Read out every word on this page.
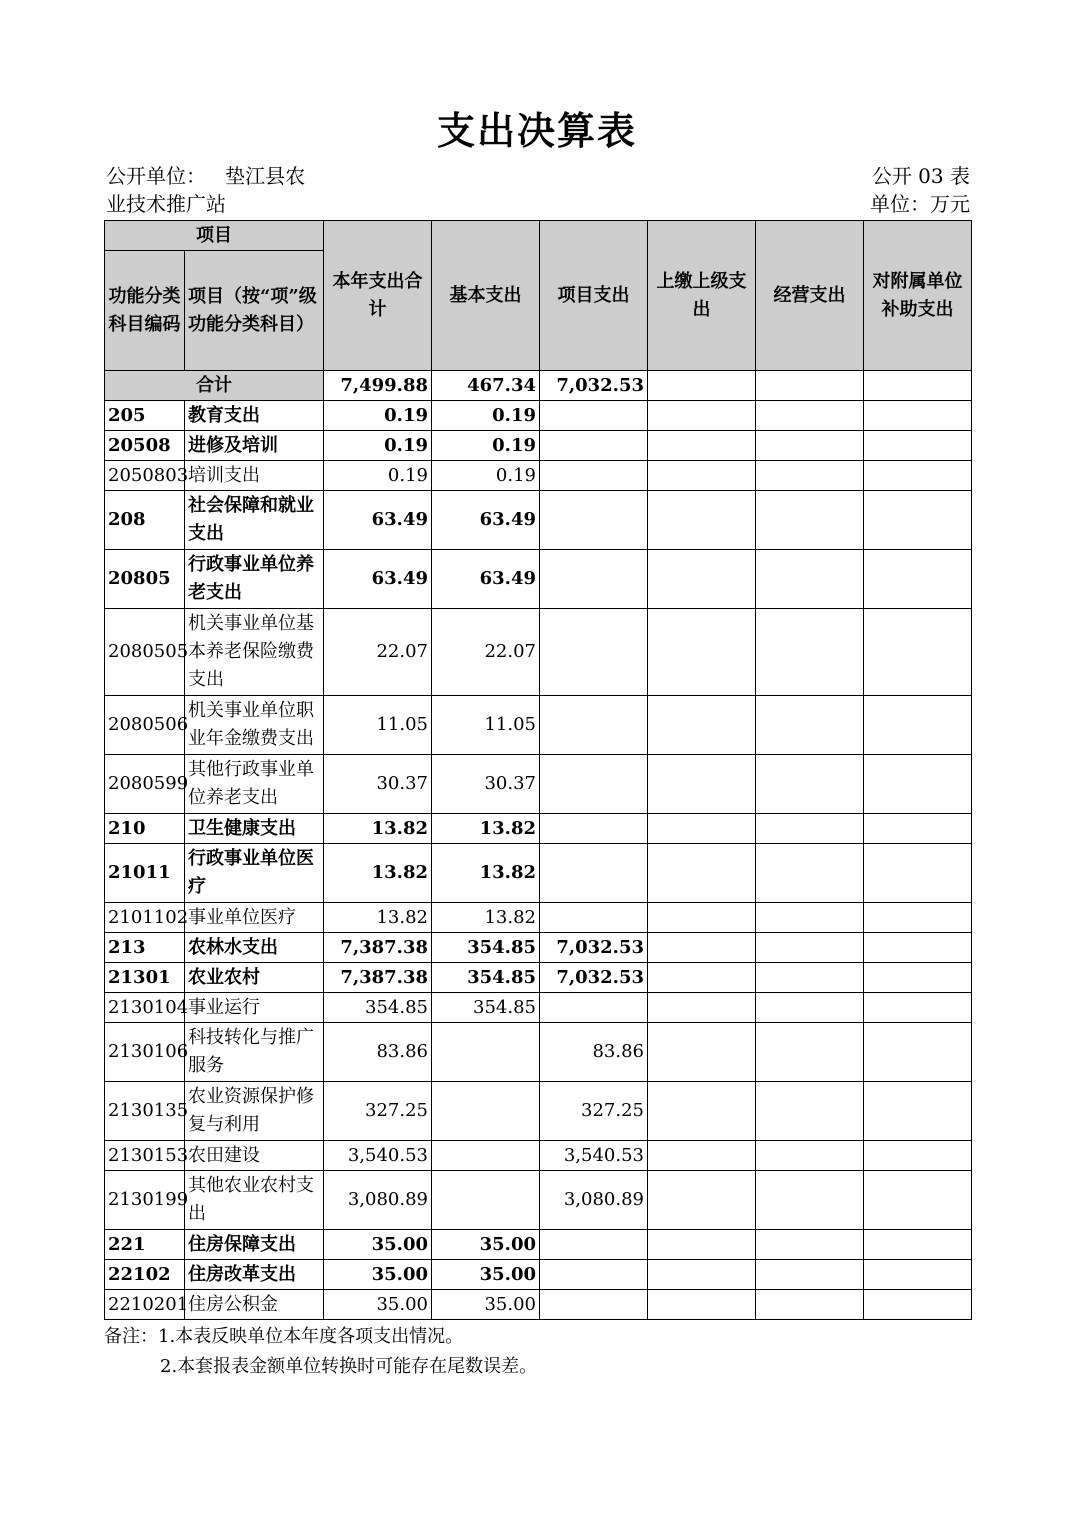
支出决算表
公开单位： 垫江县农
业技术推广站
公开 03 表
单位：万元
项目		本年支出合计	基本支出	项目支出	上缴上级支出	经营支出	对附属单位补助支出
功能分类科目编码	项目（按“项”级功能分类科目）						
合计		7,499.88	467.34	7,032.53			
205	教育支出	0.19	0.19				
20508	进修及培训	0.19	0.19				
2050803	培训支出	0.19	0.19				
208	社会保障和就业支出	63.49	63.49				
20805	行政事业单位养老支出	63.49	63.49				
2080505	机关事业单位基本养老保险缴费支出	22.07	22.07				
2080506	机关事业单位职业年金缴费支出	11.05	11.05				
2080599	其他行政事业单位养老支出	30.37	30.37				
210	卫生健康支出	13.82	13.82				
21011	行政事业单位医疗	13.82	13.82				
2101102	事业单位医疗	13.82	13.82				
213	农林水支出	7,387.38	354.85	7,032.53			
21301	农业农村	7,387.38	354.85	7,032.53			
2130104	事业运行	354.85	354.85				
2130106	科技转化与推广服务	83.86		83.86			
2130135	农业资源保护修复与利用	327.25		327.25			
2130153	农田建设	3,540.53		3,540.53			
2130199	其他农业农村支出	3,080.89		3,080.89			
221	住房保障支出	35.00	35.00				
22102	住房改革支出	35.00	35.00				
2210201	住房公积金	35.00	35.00				
备注：1.本表反映单位本年度各项支出情况。
2.本套报表金额单位转换时可能存在尾数误差。
